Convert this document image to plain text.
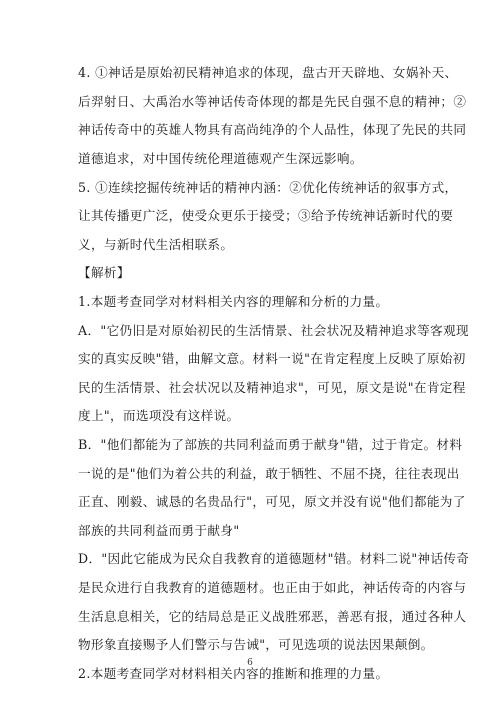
4. ①神话是原始初民精神追求的体现，盘古开天辟地、女娲补天、
后羿射日、大禹治水等神话传奇体现的都是先民自强不息的精神；②
神话传奇中的英雄人物具有高尚纯净的个人品性，体现了先民的共同
道德追求，对中国传统伦理道德观产生深远影响。
5. ①连续挖掘传统神话的精神内涵：②优化传统神话的叙事方式，
让其传播更广泛，使受众更乐于接受；③给予传统神话新时代的要
义，与新时代生活相联系。
【解析】
1.本题考查同学对材料相关内容的理解和分析的力量。
A．"它仍旧是对原始初民的生活情景、社会状况及精神追求等客观现
实的真实反映"错，曲解文意。材料一说"在肯定程度上反映了原始初
民的生活情景、社会状况以及精神追求"，可见，原文是说"在肯定程
度上"，而选项没有这样说。
B．"他们都能为了部族的共同利益而勇于献身"错，过于肯定。材料
一说的是"他们为着公共的利益，敢于牺牲、不屈不挠，往往表现出
正直、刚毅、诚恳的名贵品行"，可见，原文并没有说"他们都能为了
部族的共同利益而勇于献身"
D．"因此它能成为民众自我教育的道德题材"错。材料二说"神话传奇
是民众进行自我教育的道德题材。也正由于如此，神话传奇的内容与
生活息息相关，它的结局总是正义战胜邪恶，善恶有报，通过各种人
物形象直接赐予人们警示与告诫"，可见选项的说法因果颠倒。
2.本题考查同学对材料相关内容的推断和推理的力量。
6
